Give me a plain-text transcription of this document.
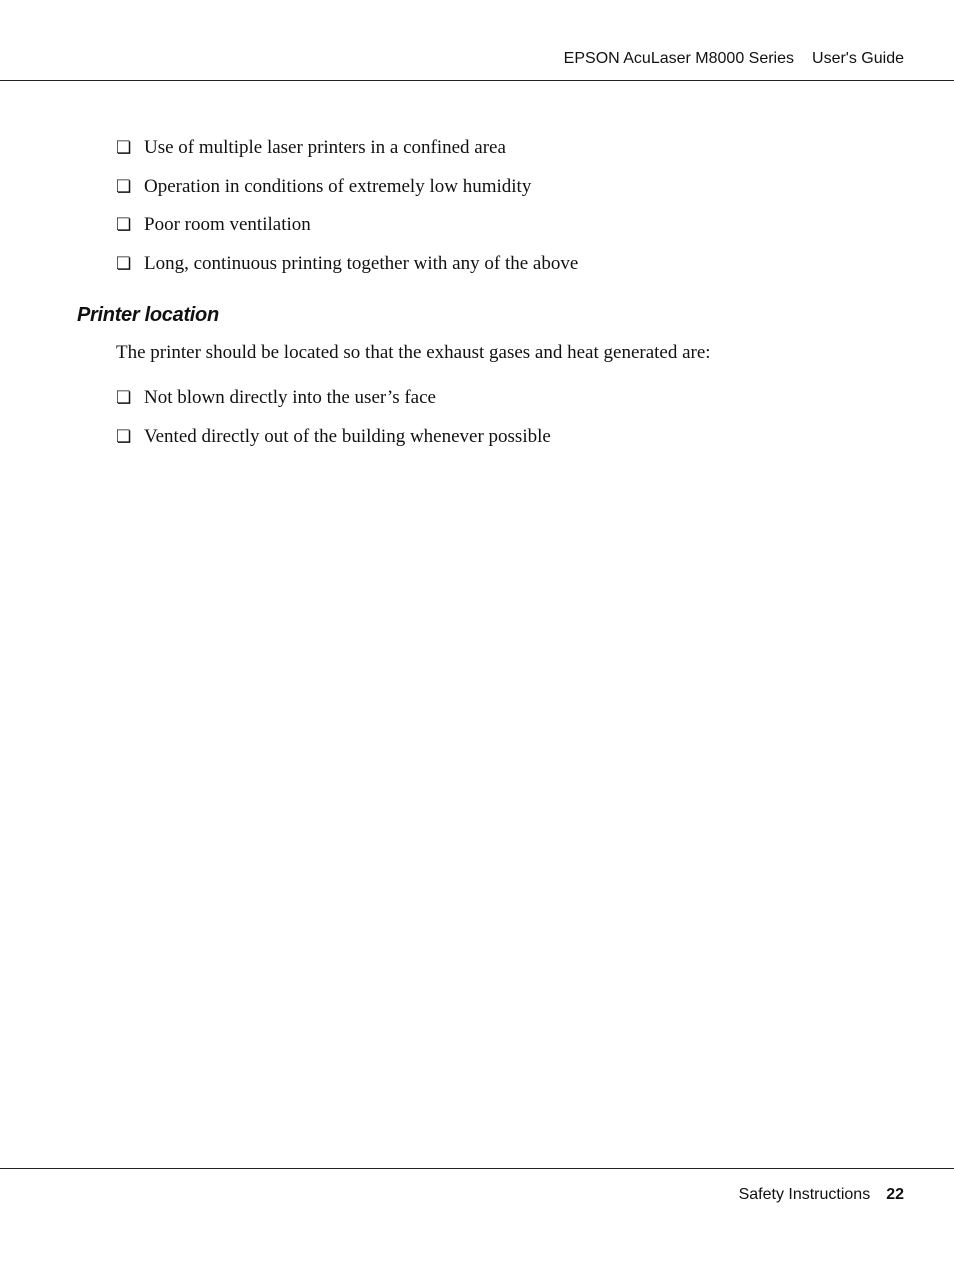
EPSON AcuLaser M8000 Series User's Guide
❏ Use of multiple laser printers in a confined area
❏ Operation in conditions of extremely low humidity
❏ Poor room ventilation
❏ Long, continuous printing together with any of the above
Printer location
The printer should be located so that the exhaust gases and heat generated are:
❏ Not blown directly into the user’s face
❏ Vented directly out of the building whenever possible
Safety Instructions 22
